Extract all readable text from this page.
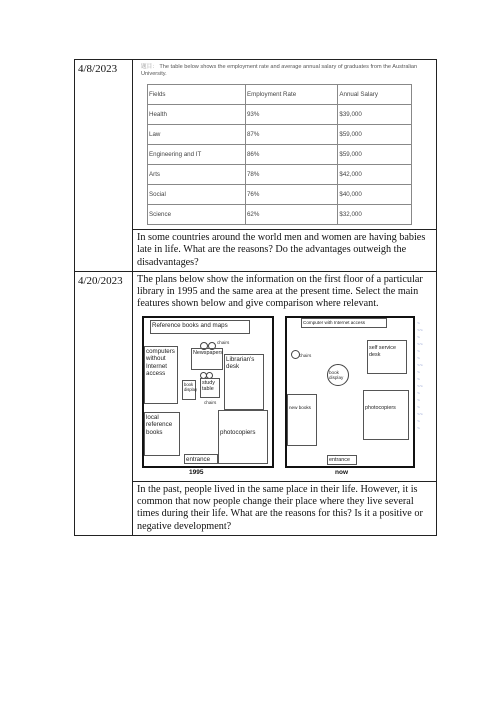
4/8/2023	题目： The table below shows the employment rate and average annual salary of graduates from the Australian University.
Fields	Employment Rate	Annual Salary
Health	93%	$39,000
Law	87%	$59,000
Engineering and IT	86%	$59,000
Arts	78%	$42,000
Social	76%	$40,000
Science	62%	$32,000
In some countries around the world men and women are having babies late in life. What are the reasons? Do the advantages outweigh the disadvantages?
4/20/2023	The plans below show the information on the first floor of a particular library in 1995 and the same area at the present time. Select the main features shown below and give comparison where relevant.
Reference books and maps
chairs
computers without Internet access
Newspapers
Librarian's desk
book display
study table
chairs
local reference books	photocopiers
entrance
1995
Computer with Internet access
chairs
self service desk
book display
new books	photocopiers
entrance
now
~
~~
~
~~
~
~
~~
~
~
~~
~
~
~
~~
~
~
In the past, people lived in the same place in their life. However, it is common that now people change their place where they live several times during their life. What are the reasons for this? Is it a positive or negative development?
